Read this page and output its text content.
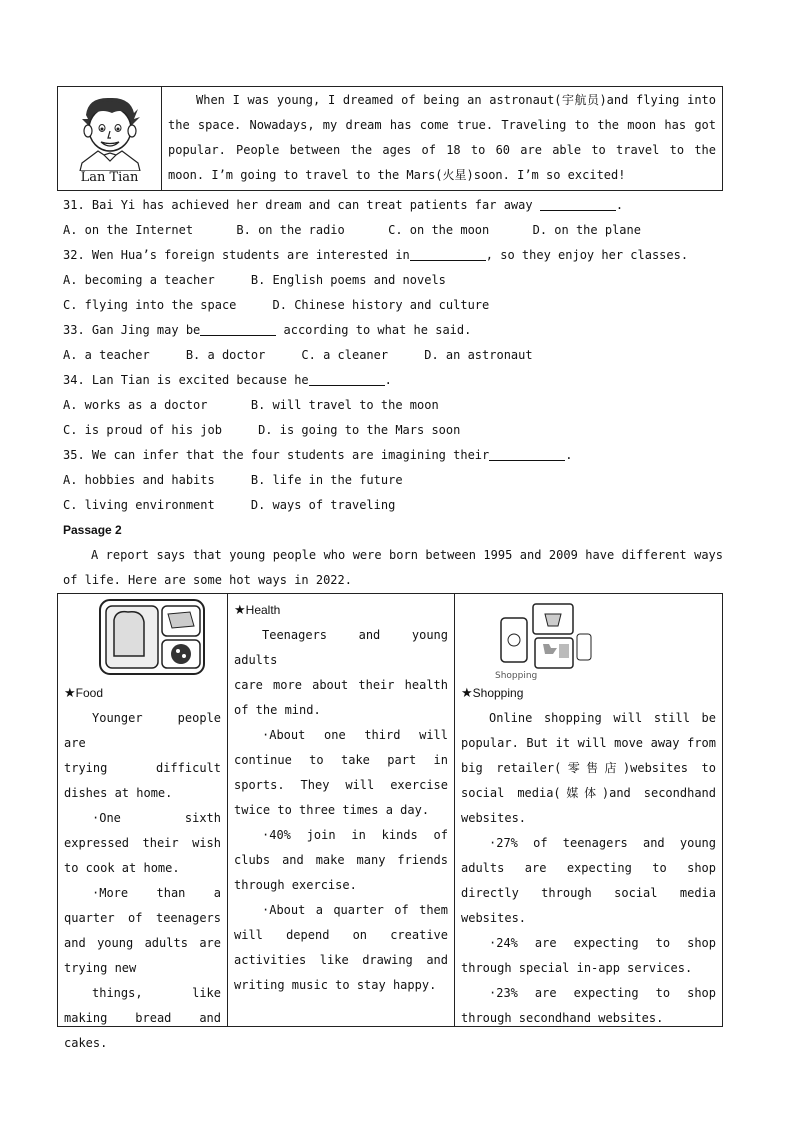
Lan Tian
When I was young, I dreamed of being an astronaut(宇航员)and flying into the space. Nowadays, my dream has come true. Traveling to the moon has got popular. People between the ages of 18 to 60 are able to travel to the moon. I’m going to travel to the Mars(火星)soon. I’m so excited!
31. Bai Yi has achieved her dream and can treat patients far away	.
A. on the Internet      B. on the radio      C. on the moon      D. on the plane
32. Wen Hua’s foreign students are interested in	, so they enjoy her classes.
A. becoming a teacher     B. English poems and novels
C. flying into the space     D. Chinese history and culture
33. Gan Jing may be	according to what he said.
A. a teacher     B. a doctor     C. a cleaner     D. an astronaut
34. Lan Tian is excited because he	.
A. works as a doctor      B. will travel to the moon
C. is proud of his job     D. is going to the Mars soon
35. We can infer that the four students are imagining their	.
A. hobbies and habits     B. life in the future
C. living environment     D. ways of traveling
Passage 2
A report says that young people who were born between 1995 and 2009 have different ways of life. Here are some hot ways in 2022.

★Food

Younger people are

trying difficult

dishes at home.

·One sixth

expressed their wish

to cook at home.

·More than a

quarter of teenagers

and young adults are

trying new

things, like

making bread and

cakes.

★Health

Teenagers and young adults

care more about their health

of the mind.

·About one third will

continue to take part in

sports. They will exercise

twice to three times a day.

·40% join in kinds of

clubs and make many friends

through exercise.

·About a quarter of them

will depend on creative

activities like drawing and

writing music to stay happy.

Shopping

★Shopping

Online shopping will still be

popular. But it will move away from

big retailer(零售店)websites to

social media(媒体)and secondhand

websites.

·27% of teenagers and young

adults are expecting to shop

directly through social media

websites.

·24% are expecting to shop

through special in-app services.

·23% are expecting to shop

through secondhand websites.
